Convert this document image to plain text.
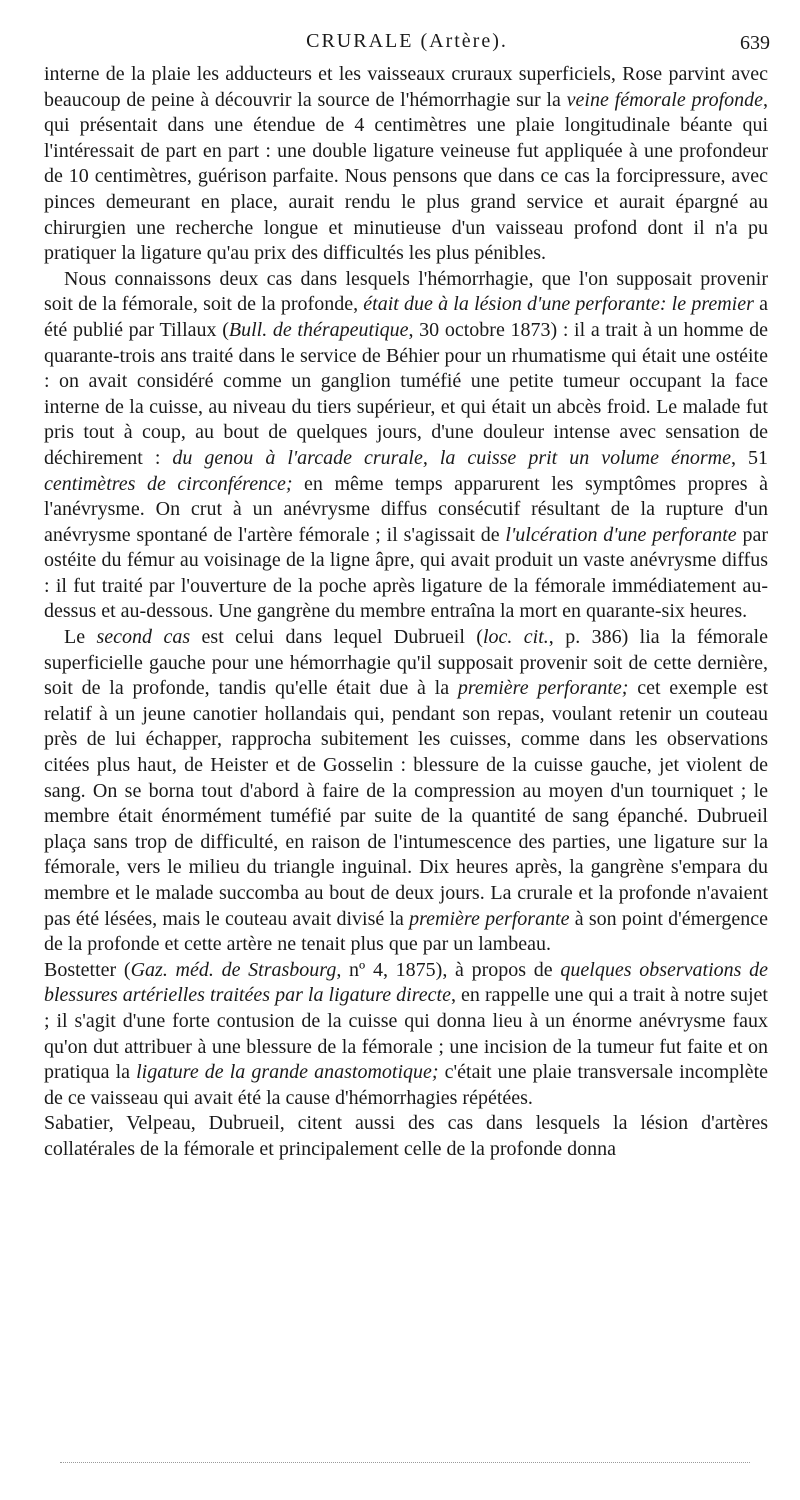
CRURALE (Artère).	639

interne de la plaie les adducteurs et les vaisseaux cruraux superficiels, Rose parvint avec beaucoup de peine à découvrir la source de l'hémorrhagie sur la veine fémorale profonde, qui présentait dans une étendue de 4 centimètres une plaie longitudinale béante qui l'intéressait de part en part : une double ligature veineuse fut appliquée à une profondeur de 10 centimètres, guérison parfaite. Nous pensons que dans ce cas la forcipressure, avec pinces demeurant en place, aurait rendu le plus grand service et aurait épargné au chirurgien une recherche longue et minutieuse d'un vaisseau profond dont il n'a pu pratiquer la ligature qu'au prix des difficultés les plus pénibles.

Nous connaissons deux cas dans lesquels l'hémorrhagie, que l'on supposait provenir soit de la fémorale, soit de la profonde, était due à la lésion d'une perforante: le premier a été publié par Tillaux (Bull. de thérapeutique, 30 octobre 1873) : il a trait à un homme de quarante-trois ans traité dans le service de Béhier pour un rhumatisme qui était une ostéite : on avait considéré comme un ganglion tuméfié une petite tumeur occupant la face interne de la cuisse, au niveau du tiers supérieur, et qui était un abcès froid. Le malade fut pris tout à coup, au bout de quelques jours, d'une douleur intense avec sensation de déchirement : du genou à l'arcade crurale, la cuisse prit un volume énorme, 51 centimètres de circonférence; en même temps apparurent les symptômes propres à l'anévrysme. On crut à un anévrysme diffus consécutif résultant de la rupture d'un anévrysme spontané de l'artère fémorale ; il s'agissait de l'ulcération d'une perforante par ostéite du fémur au voisinage de la ligne âpre, qui avait produit un vaste anévrysme diffus : il fut traité par l'ouverture de la poche après ligature de la fémorale immédiatement au-dessus et au-dessous. Une gangrène du membre entraîna la mort en quarante-six heures.

Le second cas est celui dans lequel Dubrueil (loc. cit., p. 386) lia la fémorale superficielle gauche pour une hémorrhagie qu'il supposait provenir soit de cette dernière, soit de la profonde, tandis qu'elle était due à la première perforante; cet exemple est relatif à un jeune canotier hollandais qui, pendant son repas, voulant retenir un couteau près de lui échapper, rapprocha subitement les cuisses, comme dans les observations citées plus haut, de Heister et de Gosselin : blessure de la cuisse gauche, jet violent de sang. On se borna tout d'abord à faire de la compression au moyen d'un tourniquet ; le membre était énormément tuméfié par suite de la quantité de sang épanché. Dubrueil plaça sans trop de difficulté, en raison de l'intumescence des parties, une ligature sur la fémorale, vers le milieu du triangle inguinal. Dix heures après, la gangrène s'empara du membre et le malade succomba au bout de deux jours. La crurale et la profonde n'avaient pas été lésées, mais le couteau avait divisé la première perforante à son point d'émergence de la profonde et cette artère ne tenait plus que par un lambeau.

Bostetter (Gaz. méd. de Strasbourg, nº 4, 1875), à propos de quelques observations de blessures artérielles traitées par la ligature directe, en rappelle une qui a trait à notre sujet ; il s'agit d'une forte contusion de la cuisse qui donna lieu à un énorme anévrysme faux qu'on dut attribuer à une blessure de la fémorale ; une incision de la tumeur fut faite et on pratiqua la ligature de la grande anastomotique; c'était une plaie transversale incomplète de ce vaisseau qui avait été la cause d'hémorrhagies répétées.

Sabatier, Velpeau, Dubrueil, citent aussi des cas dans lesquels la lésion d'artères collatérales de la fémorale et principalement celle de la profonde donna
